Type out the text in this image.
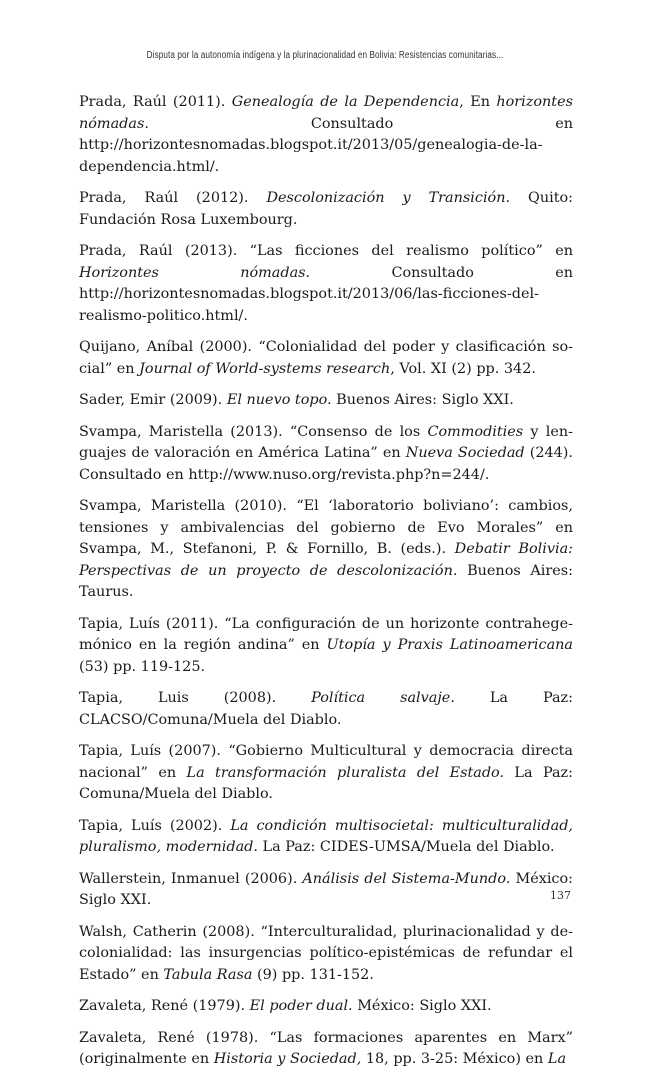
Disputa por la autonomía indígena y la plurinacionalidad en Bolivia: Resistencias comunitarias...

Prada, Raúl (2011). Genealogía de la Dependencia, En horizontes nómadas. Consultado en http://horizontesnomadas.blogspot.it/2013/05/genealogia-de-la-dependencia.html/.

Prada, Raúl (2012). Descolonización y Transición. Quito: Fundación Rosa Luxembourg.

Prada, Raúl (2013). “Las ficciones del realismo político” en Horizontes nómadas. Consultado en http://horizontesnomadas.blogspot.it/2013/06/las-ficciones-del-realismo-politico.html/.

Quijano, Aníbal (2000). “Colonialidad del poder y clasificación social” en Journal of World-systems research, Vol. XI (2) pp. 342.

Sader, Emir (2009). El nuevo topo. Buenos Aires: Siglo XXI.

Svampa, Maristella (2013). “Consenso de los Commodities y lenguajes de valoración en América Latina” en Nueva Sociedad (244). Consultado en http://www.nuso.org/revista.php?n=244/.

Svampa, Maristella (2010). “El ‘laboratorio boliviano’: cambios, tensiones y ambivalencias del gobierno de Evo Morales” en Svampa, M., Stefanoni, P. & Fornillo, B. (eds.). Debatir Bolivia: Perspectivas de un proyecto de descolonización. Buenos Aires: Taurus.

Tapia, Luís (2011). “La configuración de un horizonte contrahegemónico en la región andina” en Utopía y Praxis Latinoamericana (53) pp. 119-125.

Tapia, Luis (2008). Política salvaje. La Paz: CLACSO/Comuna/Muela del Diablo.

Tapia, Luís (2007). “Gobierno Multicultural y democracia directa nacional” en La transformación pluralista del Estado. La Paz: Comuna/Muela del Diablo.

Tapia, Luís (2002). La condición multisocietal: multiculturalidad, pluralismo, modernidad. La Paz: CIDES-UMSA/Muela del Diablo.

Wallerstein, Inmanuel (2006). Análisis del Sistema-Mundo. México: Siglo XXI.

Walsh, Catherin (2008). “Interculturalidad, plurinacionalidad y decolonialidad: las insurgencias político-epistémicas de refundar el Estado” en Tabula Rasa (9) pp. 131-152.

Zavaleta, René (1979). El poder dual. México: Siglo XXI.

Zavaleta, René (1978). “Las formaciones aparentes en Marx” (originalmente en Historia y Sociedad, 18, pp. 3-25: México) en La

137
